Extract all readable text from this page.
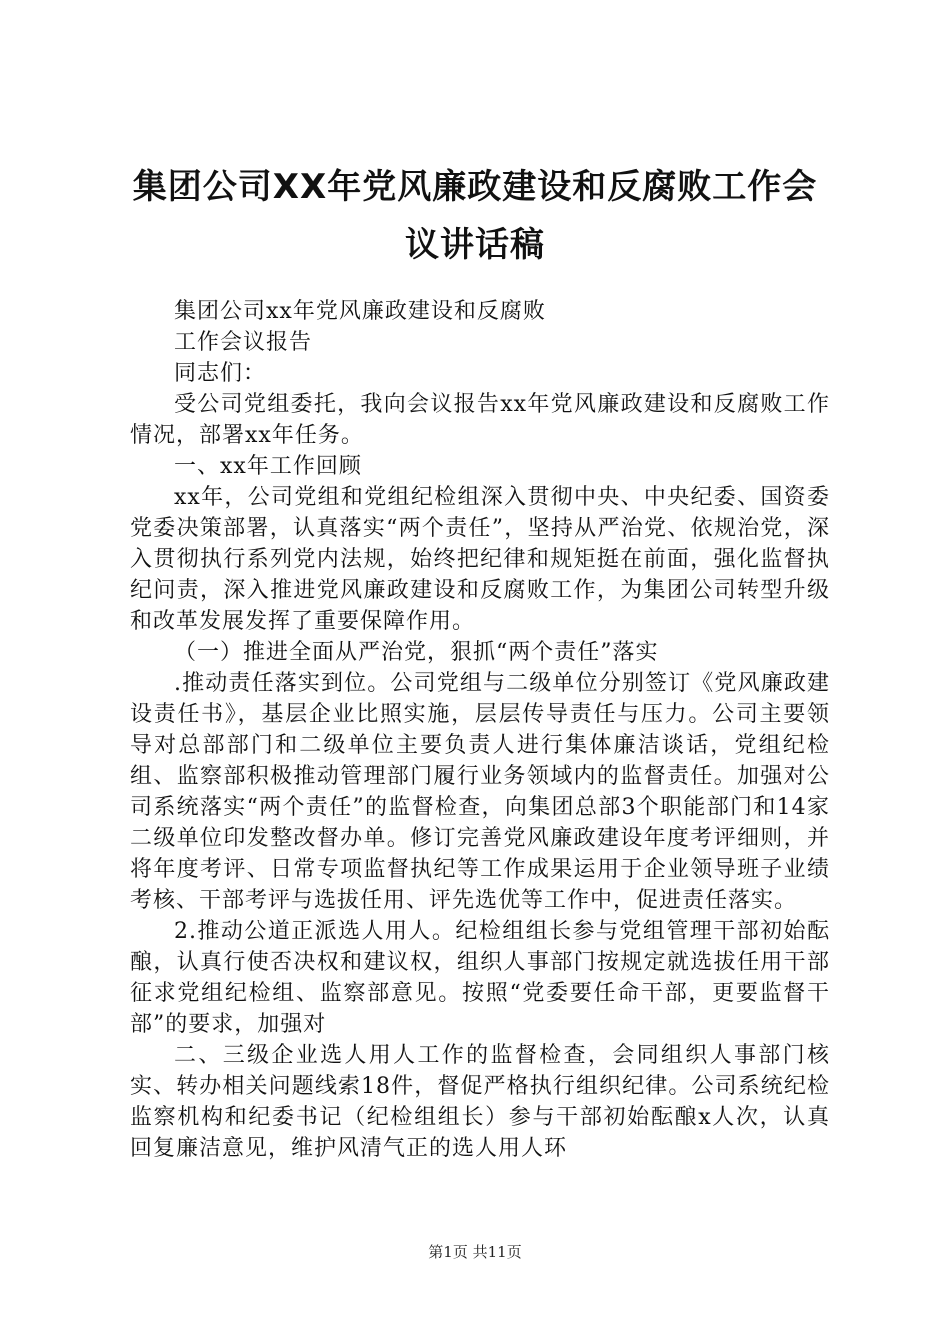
集团公司XX年党风廉政建设和反腐败工作会
议讲话稿

集团公司xx年党风廉政建设和反腐败

工作会议报告

同志们：

受公司党组委托，我向会议报告xx年党风廉政建设和反腐败工作情况，部署xx年任务。

一、xx年工作回顾

xx年，公司党组和党组纪检组深入贯彻中央、中央纪委、国资委党委决策部署，认真落实“两个责任”，坚持从严治党、依规治党，深入贯彻执行系列党内法规，始终把纪律和规矩挺在前面，强化监督执纪问责，深入推进党风廉政建设和反腐败工作，为集团公司转型升级和改革发展发挥了重要保障作用。

（一）推进全面从严治党，狠抓“两个责任”落实

.推动责任落实到位。公司党组与二级单位分别签订《党风廉政建设责任书》，基层企业比照实施，层层传导责任与压力。公司主要领导对总部部门和二级单位主要负责人进行集体廉洁谈话，党组纪检组、监察部积极推动管理部门履行业务领域内的监督责任。加强对公司系统落实“两个责任”的监督检查，向集团总部3个职能部门和14家二级单位印发整改督办单。修订完善党风廉政建设年度考评细则，并将年度考评、日常专项监督执纪等工作成果运用于企业领导班子业绩考核、干部考评与选拔任用、评先选优等工作中，促进责任落实。

2.推动公道正派选人用人。纪检组组长参与党组管理干部初始酝酿，认真行使否决权和建议权，组织人事部门按规定就选拔任用干部征求党组纪检组、监察部意见。按照“党委要任命干部，更要监督干部”的要求，加强对

二、三级企业选人用人工作的监督检查，会同组织人事部门核实、转办相关问题线索18件，督促严格执行组织纪律。公司系统纪检监察机构和纪委书记（纪检组组长）参与干部初始酝酿x人次，认真回复廉洁意见，维护风清气正的选人用人环

第1页 共11页
